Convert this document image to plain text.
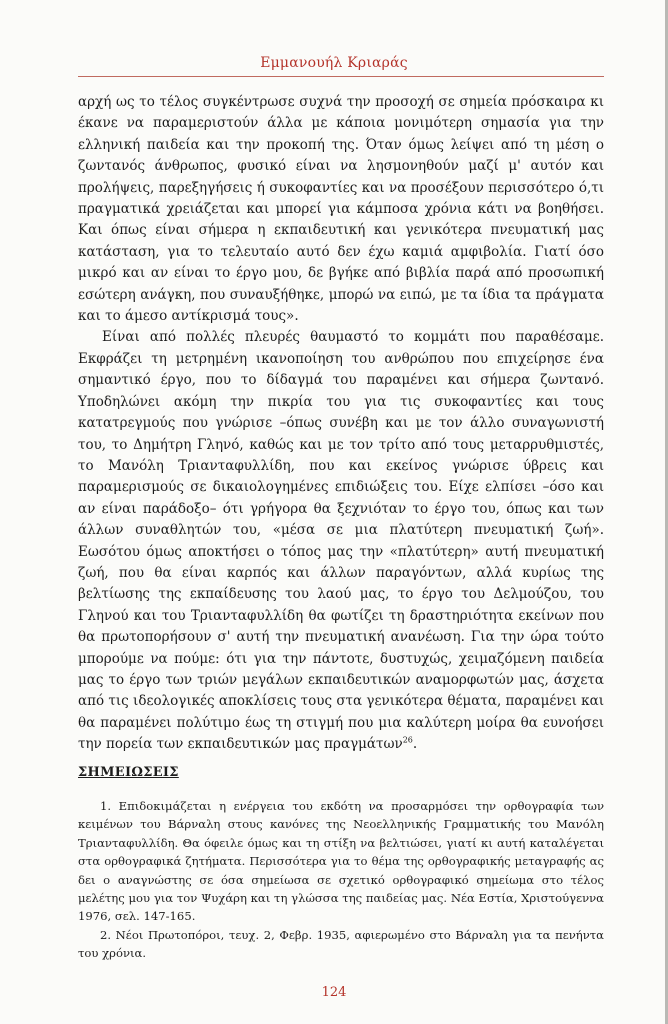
Εμμανουήλ Κριαράς

αρχή ως το τέλος συγκέντρωσε συχνά την προσοχή σε σημεία πρόσκαιρα κι έκανε να παραμεριστούν άλλα με κάποια μονιμότερη σημασία για την ελληνική παιδεία και την προκοπή της. Όταν όμως λείψει από τη μέση ο ζωντανός άνθρωπος, φυσικό είναι να λησμονηθούν μαζί μ' αυτόν και προλήψεις, παρεξηγήσεις ή συκοφαντίες και να προσέξουν περισσότερο ό,τι πραγματικά χρειάζεται και μπορεί για κάμποσα χρόνια κάτι να βοηθήσει. Και όπως είναι σήμερα η εκπαιδευτική και γενικότερα πνευματική μας κατάσταση, για το τελευταίο αυτό δεν έχω καμιά αμφιβολία. Γιατί όσο μικρό και αν είναι το έργο μου, δε βγήκε από βιβλία παρά από προσωπική εσώτερη ανάγκη, που συναυξήθηκε, μπορώ να ειπώ, με τα ίδια τα πράγματα και το άμεσο αντίκρισμά τους».

Είναι από πολλές πλευρές θαυμαστό το κομμάτι που παραθέσαμε. Εκφράζει τη μετρημένη ικανοποίηση του ανθρώπου που επιχείρησε ένα σημαντικό έργο, που το δίδαγμά του παραμένει και σήμερα ζωντανό. Υποδηλώνει ακόμη την πικρία του για τις συκοφαντίες και τους κατατρεγμούς που γνώρισε –όπως συνέβη και με τον άλλο συναγωνιστή του, το Δημήτρη Γληνό, καθώς και με τον τρίτο από τους μεταρρυθμιστές, το Μανόλη Τριανταφυλλίδη, που και εκείνος γνώρισε ύβρεις και παραμερισμούς σε δικαιολογημένες επιδιώξεις του. Είχε ελπίσει –όσο και αν είναι παράδοξο– ότι γρήγορα θα ξεχνιόταν το έργο του, όπως και των άλλων συναθλητών του, «μέσα σε μια πλατύτερη πνευματική ζωή». Εωσότου όμως αποκτήσει ο τόπος μας την «πλατύτερη» αυτή πνευματική ζωή, που θα είναι καρπός και άλλων παραγόντων, αλλά κυρίως της βελτίωσης της εκπαίδευσης του λαού μας, το έργο του Δελμούζου, του Γληνού και του Τριανταφυλλίδη θα φωτίζει τη δραστηριότητα εκείνων που θα πρωτοπορήσουν σ' αυτή την πνευματική ανανέωση. Για την ώρα τούτο μπορούμε να πούμε: ότι για την πάντοτε, δυστυχώς, χειμαζόμενη παιδεία μας το έργο των τριών μεγάλων εκπαιδευτικών αναμορφωτών μας, άσχετα από τις ιδεολογικές αποκλίσεις τους στα γενικότερα θέματα, παραμένει και θα παραμένει πολύτιμο έως τη στιγμή που μια καλύτερη μοίρα θα ευνοήσει την πορεία των εκπαιδευτικών μας πραγμάτων$^{26}$.

ΣΗΜΕΙΩΣΕΙΣ

1. Επιδοκιμάζεται η ενέργεια του εκδότη να προσαρμόσει την ορθογραφία των κειμένων του Βάρναλη στους κανόνες της Νεοελληνικής Γραμματικής του Μανόλη Τριανταφυλλίδη. Θα όφειλε όμως και τη στίξη να βελτιώσει, γιατί κι αυτή καταλέγεται στα ορθογραφικά ζητήματα. Περισσότερα για το θέμα της ορθογραφικής μεταγραφής ας δει ο αναγνώστης σε όσα σημείωσα σε σχετικό ορθογραφικό σημείωμα στο τέλος μελέτης μου για τον Ψυχάρη και τη γλώσσα της παιδείας μας. Νέα Εστία, Χριστούγεννα 1976, σελ. 147-165.

2. Νέοι Πρωτοπόροι, τευχ. 2, Φεβρ. 1935, αφιερωμένο στο Βάρναλη για τα πενήντα του χρόνια.

124
